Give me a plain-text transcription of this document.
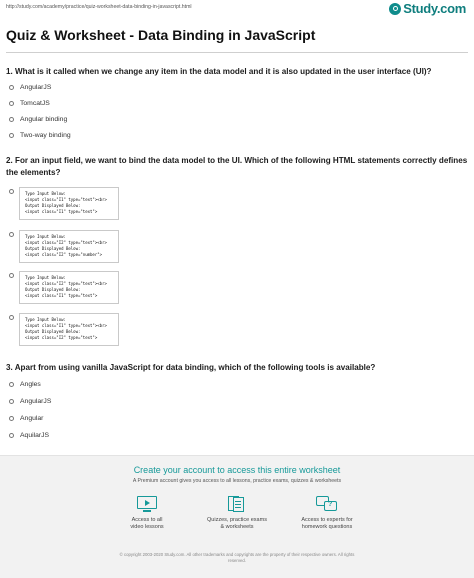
http://study.com/academy/practice/quiz-worksheet-data-binding-in-javascript.html	Study.com
Quiz & Worksheet - Data Binding in JavaScript
1. What is it called when we change any item in the data model and it is also updated in the user interface (UI)?
AngularJS
TomcatJS
Angular binding
Two-way binding
2. For an input field, we want to bind the data model to the UI. Which of the following HTML statements correctly defines the elements?
Type Input Below:
<input class="I1" type="text"><br>
Output Displayed Below:
<input class="I1" type="text">
Type Input Below:
<input class="I2" type="text"><br>
Output Displayed Below:
<input class="I2" type="number">
Type Input Below:
<input class="I2" type="text"><br>
Output Displayed Below:
<input class="I1" type="text">
Type Input Below:
<input class="I1" type="text"><br>
Output Displayed Below:
<input class="I2" type="text">
3. Apart from using vanilla JavaScript for data binding, which of the following tools is available?
Angles
AngularJS
Angular
AquilarJS
Create your account to access this entire worksheet
A Premium account gives you access to all lessons, practice exams, quizzes & worksheets
Access to all
video lessons
Quizzes, practice exams
& worksheets
?
Access to experts for
homework questions
© copyright 2003-2020 Study.com. All other trademarks and copyrights are the property of their respective owners. All rights
reserved.
